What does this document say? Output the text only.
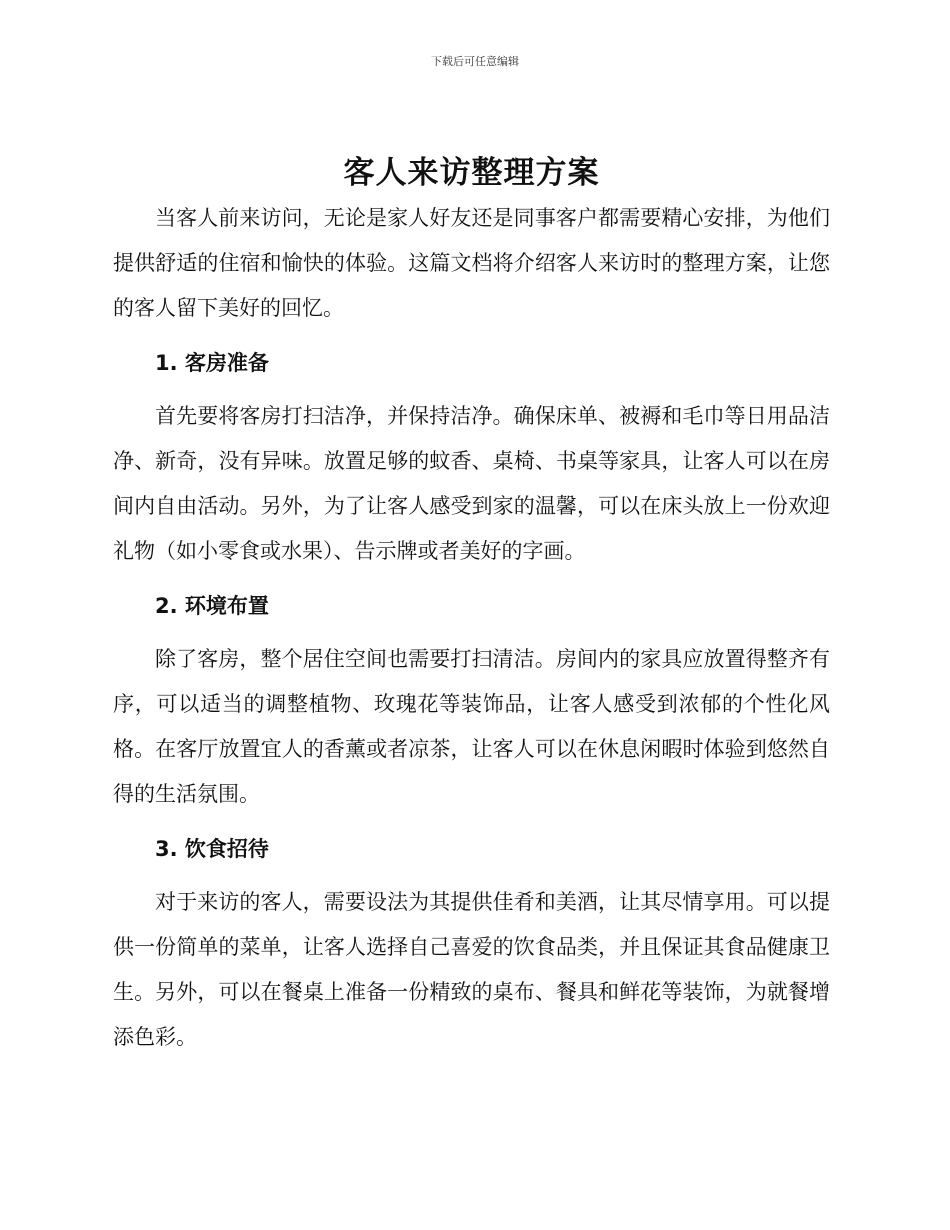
下载后可任意编辑
客人来访整理方案

当客人前来访问，无论是家人好友还是同事客户都需要精心安排，为他们提供舒适的住宿和愉快的体验。这篇文档将介绍客人来访时的整理方案，让您的客人留下美好的回忆。

1. 客房准备

首先要将客房打扫洁净，并保持洁净。确保床单、被褥和毛巾等日用品洁净、新奇，没有异味。放置足够的蚊香、桌椅、书桌等家具，让客人可以在房间内自由活动。另外，为了让客人感受到家的温馨，可以在床头放上一份欢迎礼物（如小零食或水果）、告示牌或者美好的字画。

2. 环境布置

除了客房，整个居住空间也需要打扫清洁。房间内的家具应放置得整齐有序，可以适当的调整植物、玫瑰花等装饰品，让客人感受到浓郁的个性化风格。在客厅放置宜人的香薰或者凉茶，让客人可以在休息闲暇时体验到悠然自得的生活氛围。

3. 饮食招待

对于来访的客人，需要设法为其提供佳肴和美酒，让其尽情享用。可以提供一份简单的菜单，让客人选择自己喜爱的饮食品类，并且保证其食品健康卫生。另外，可以在餐桌上准备一份精致的桌布、餐具和鲜花等装饰，为就餐增添色彩。
